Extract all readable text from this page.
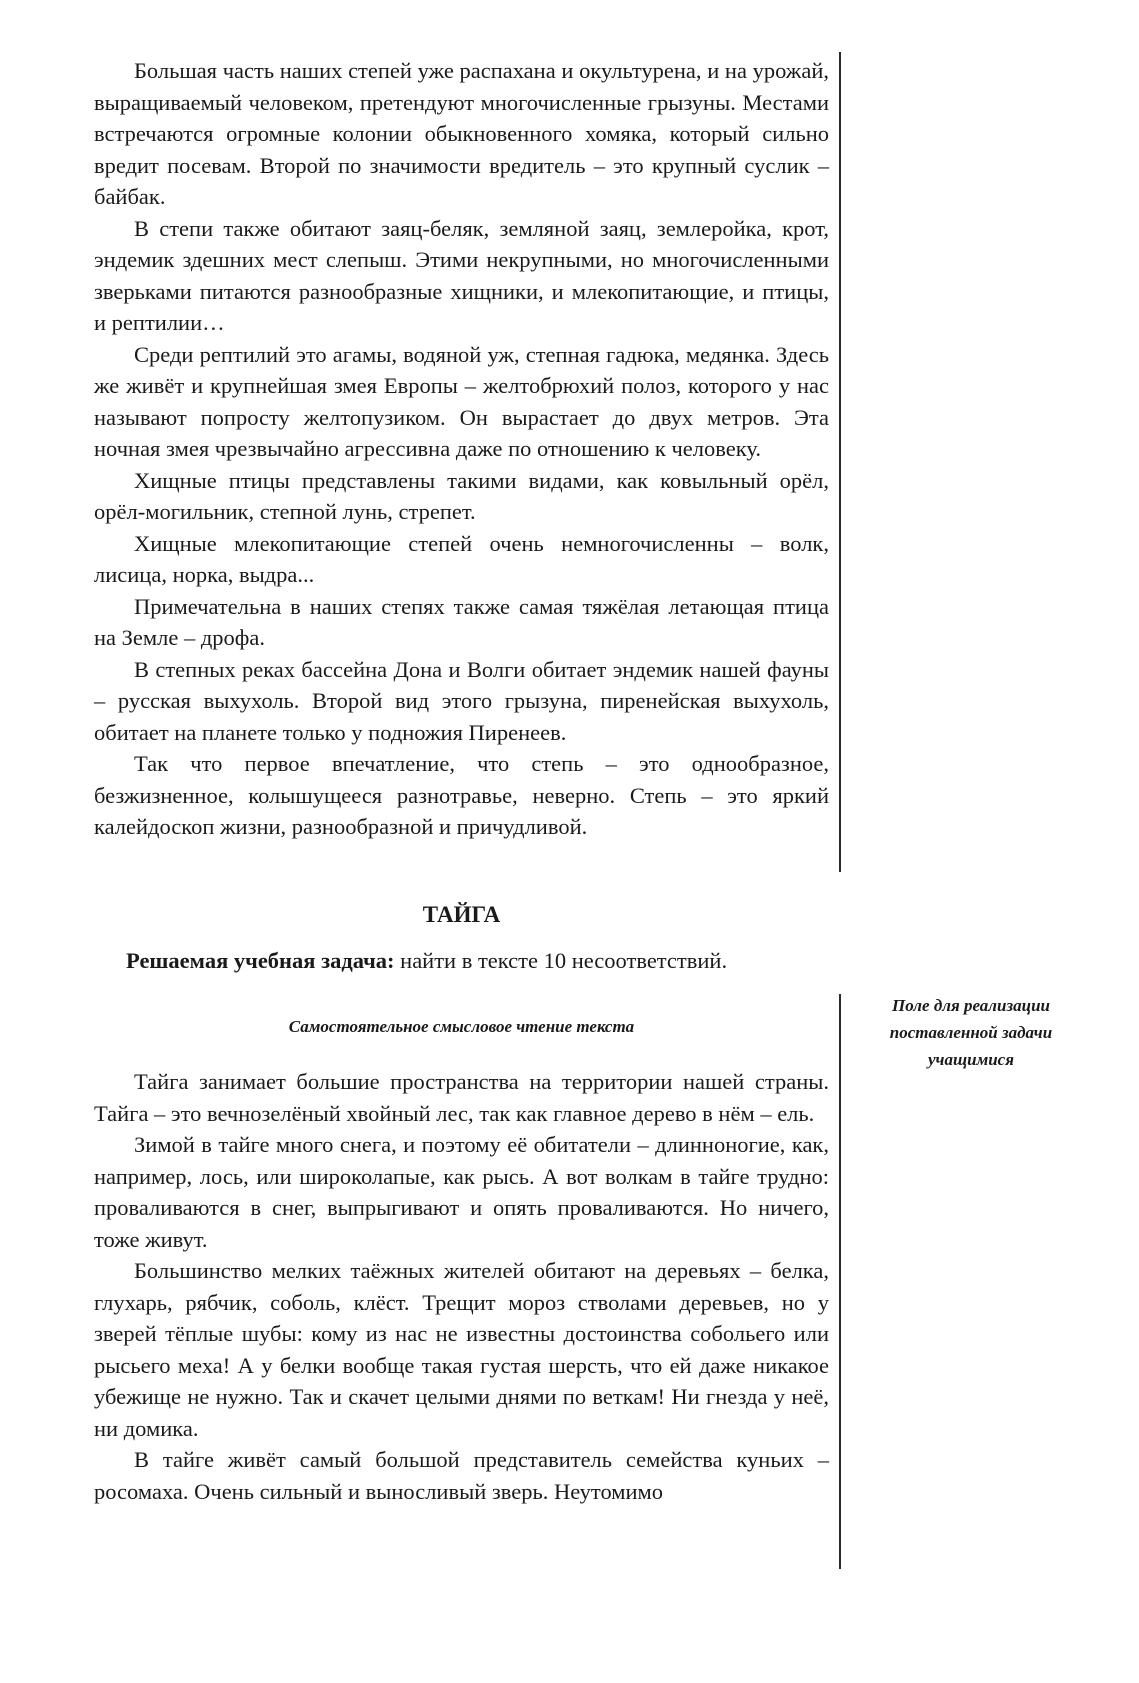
Большая часть наших степей уже распахана и окультурена, и на урожай, выращиваемый человеком, претендуют многочисленные грызуны. Местами встречаются огромные колонии обыкновенного хомяка, который сильно вредит посевам. Второй по значимости вредитель – это крупный суслик – байбак.

В степи также обитают заяц-беляк, земляной заяц, землеройка, крот, эндемик здешних мест слепыш. Этими некрупными, но многочисленными зверьками питаются разнообразные хищники, и млекопитающие, и птицы, и рептилии…

Среди рептилий это агамы, водяной уж, степная гадюка, медянка. Здесь же живёт и крупнейшая змея Европы – желтобрюхий полоз, которого у нас называют попросту желтопузиком. Он вырастает до двух метров. Эта ночная змея чрезвычайно агрессивна даже по отношению к человеку.

Хищные птицы представлены такими видами, как ковыльный орёл, орёл-могильник, степной лунь, стрепет.

Хищные млекопитающие степей очень немногочисленны – волк, лисица, норка, выдра...

Примечательна в наших степях также самая тяжёлая летающая птица на Земле – дрофа.

В степных реках бассейна Дона и Волги обитает эндемик нашей фауны – русская выхухоль. Второй вид этого грызуна, пиренейская выхухоль, обитает на планете только у подножия Пиренеев.

Так что первое впечатление, что степь – это однообразное, безжизненное, колышущееся разнотравье, неверно. Степь – это яркий калейдоскоп жизни, разнообразной и причудливой.

ТАЙГА
Решаемая учебная задача: найти в тексте 10 несоответствий.
Самостоятельное смысловое чтение текста
Поле для реализации
поставленной задачи
учащимися

Тайга занимает большие пространства на территории нашей страны. Тайга – это вечнозелёный хвойный лес, так как главное дерево в нём – ель.

Зимой в тайге много снега, и поэтому её обитатели – длинноногие, как, например, лось, или широколапые, как рысь. А вот волкам в тайге трудно: проваливаются в снег, выпрыгивают и опять проваливаются. Но ничего, тоже живут.

Большинство мелких таёжных жителей обитают на деревьях – белка, глухарь, рябчик, соболь, клёст. Трещит мороз стволами деревьев, но у зверей тёплые шубы: кому из нас не известны достоинства собольего или рысьего меха! А у белки вообще такая густая шерсть, что ей даже никакое убежище не нужно. Так и скачет целыми днями по веткам! Ни гнезда у неё, ни домика.

В тайге живёт самый большой представитель семейства куньих – росомаха. Очень сильный и выносливый зверь. Неутомимо
